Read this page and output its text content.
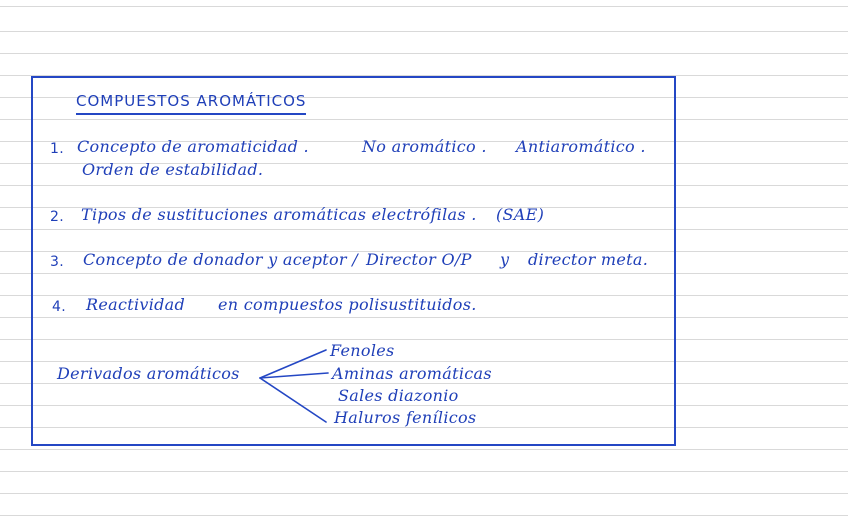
COMPUESTOS AROMÁTICOS
1. Concepto de aromaticidad .	No aromático . Antiaromático .
Orden de estabilidad.
2. Tipos de sustituciones aromáticas electrófilas . (SAE)
3. Concepto de donador y aceptor / Director O/P y director meta.
4. Reactividad en compuestos polisustituidos.
Derivados aromáticos
Fenoles
Aminas aromáticas
Sales diazonio
Haluros fenílicos
